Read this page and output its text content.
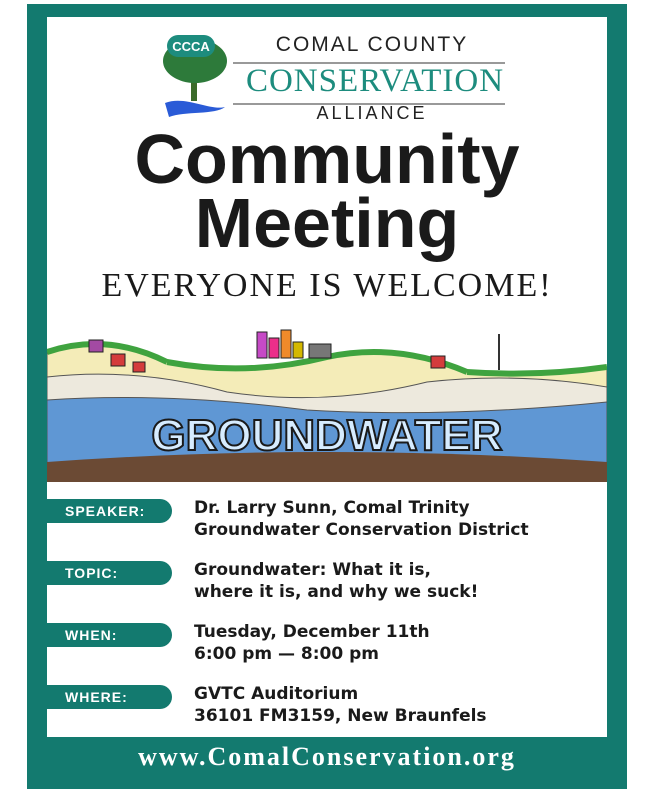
CCCA	COMAL COUNTY
CONSERVATION
ALLIANCE
Community
Meeting
EVERYONE IS WELCOME!
GROUNDWATER
SPEAKER:	Dr. Larry Sunn, Comal Trinity
Groundwater Conservation District
TOPIC:	Groundwater: What it is,
where it is, and why we suck!
WHEN:	Tuesday, December 11th
6:00 pm — 8:00 pm
WHERE:	GVTC Auditorium
36101 FM3159, New Braunfels
www.ComalConservation.org
